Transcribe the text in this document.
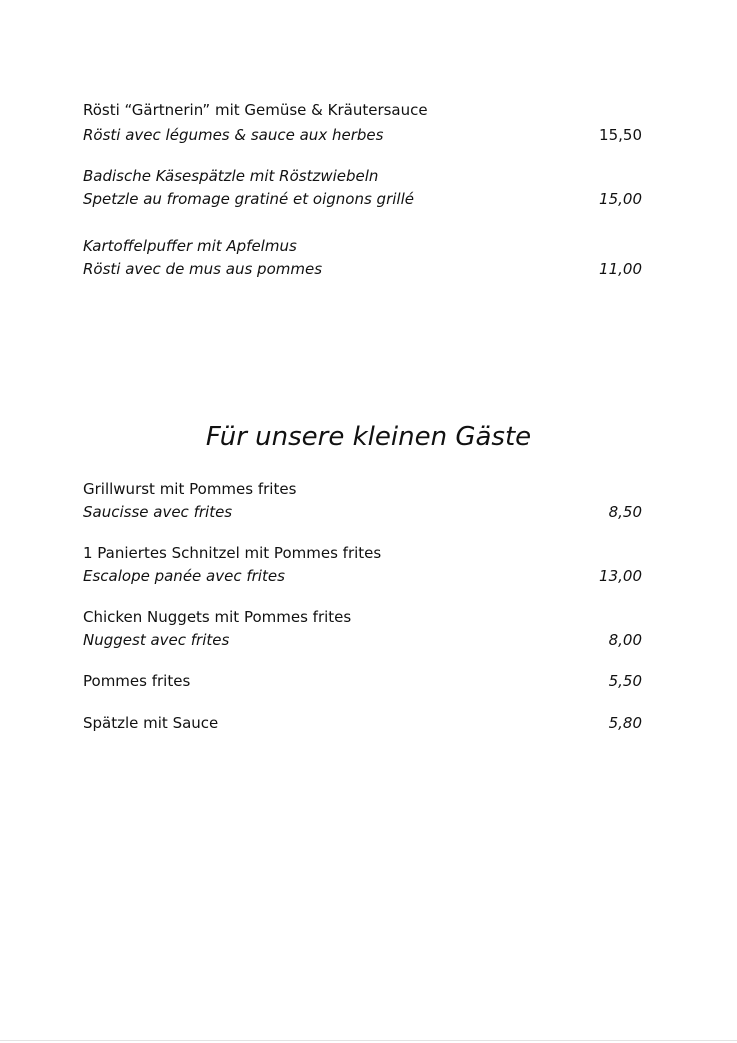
Rösti “Gärtnerin” mit Gemüse & Kräutersauce
Rösti avec légumes & sauce aux herbes	15,50
Badische Käsespätzle mit Röstzwiebeln
Spetzle au fromage gratiné et oignons grillé	15,00
Kartoffelpuffer mit Apfelmus
Rösti avec de mus aus pommes	11,00
Für unsere kleinen Gäste
Grillwurst mit Pommes frites
Saucisse avec frites	8,50
1 Paniertes Schnitzel mit Pommes frites
Escalope panée avec frites	13,00
Chicken Nuggets mit Pommes frites
Nuggest avec frites	8,00
Pommes frites	5,50
Spätzle mit Sauce	5,80
